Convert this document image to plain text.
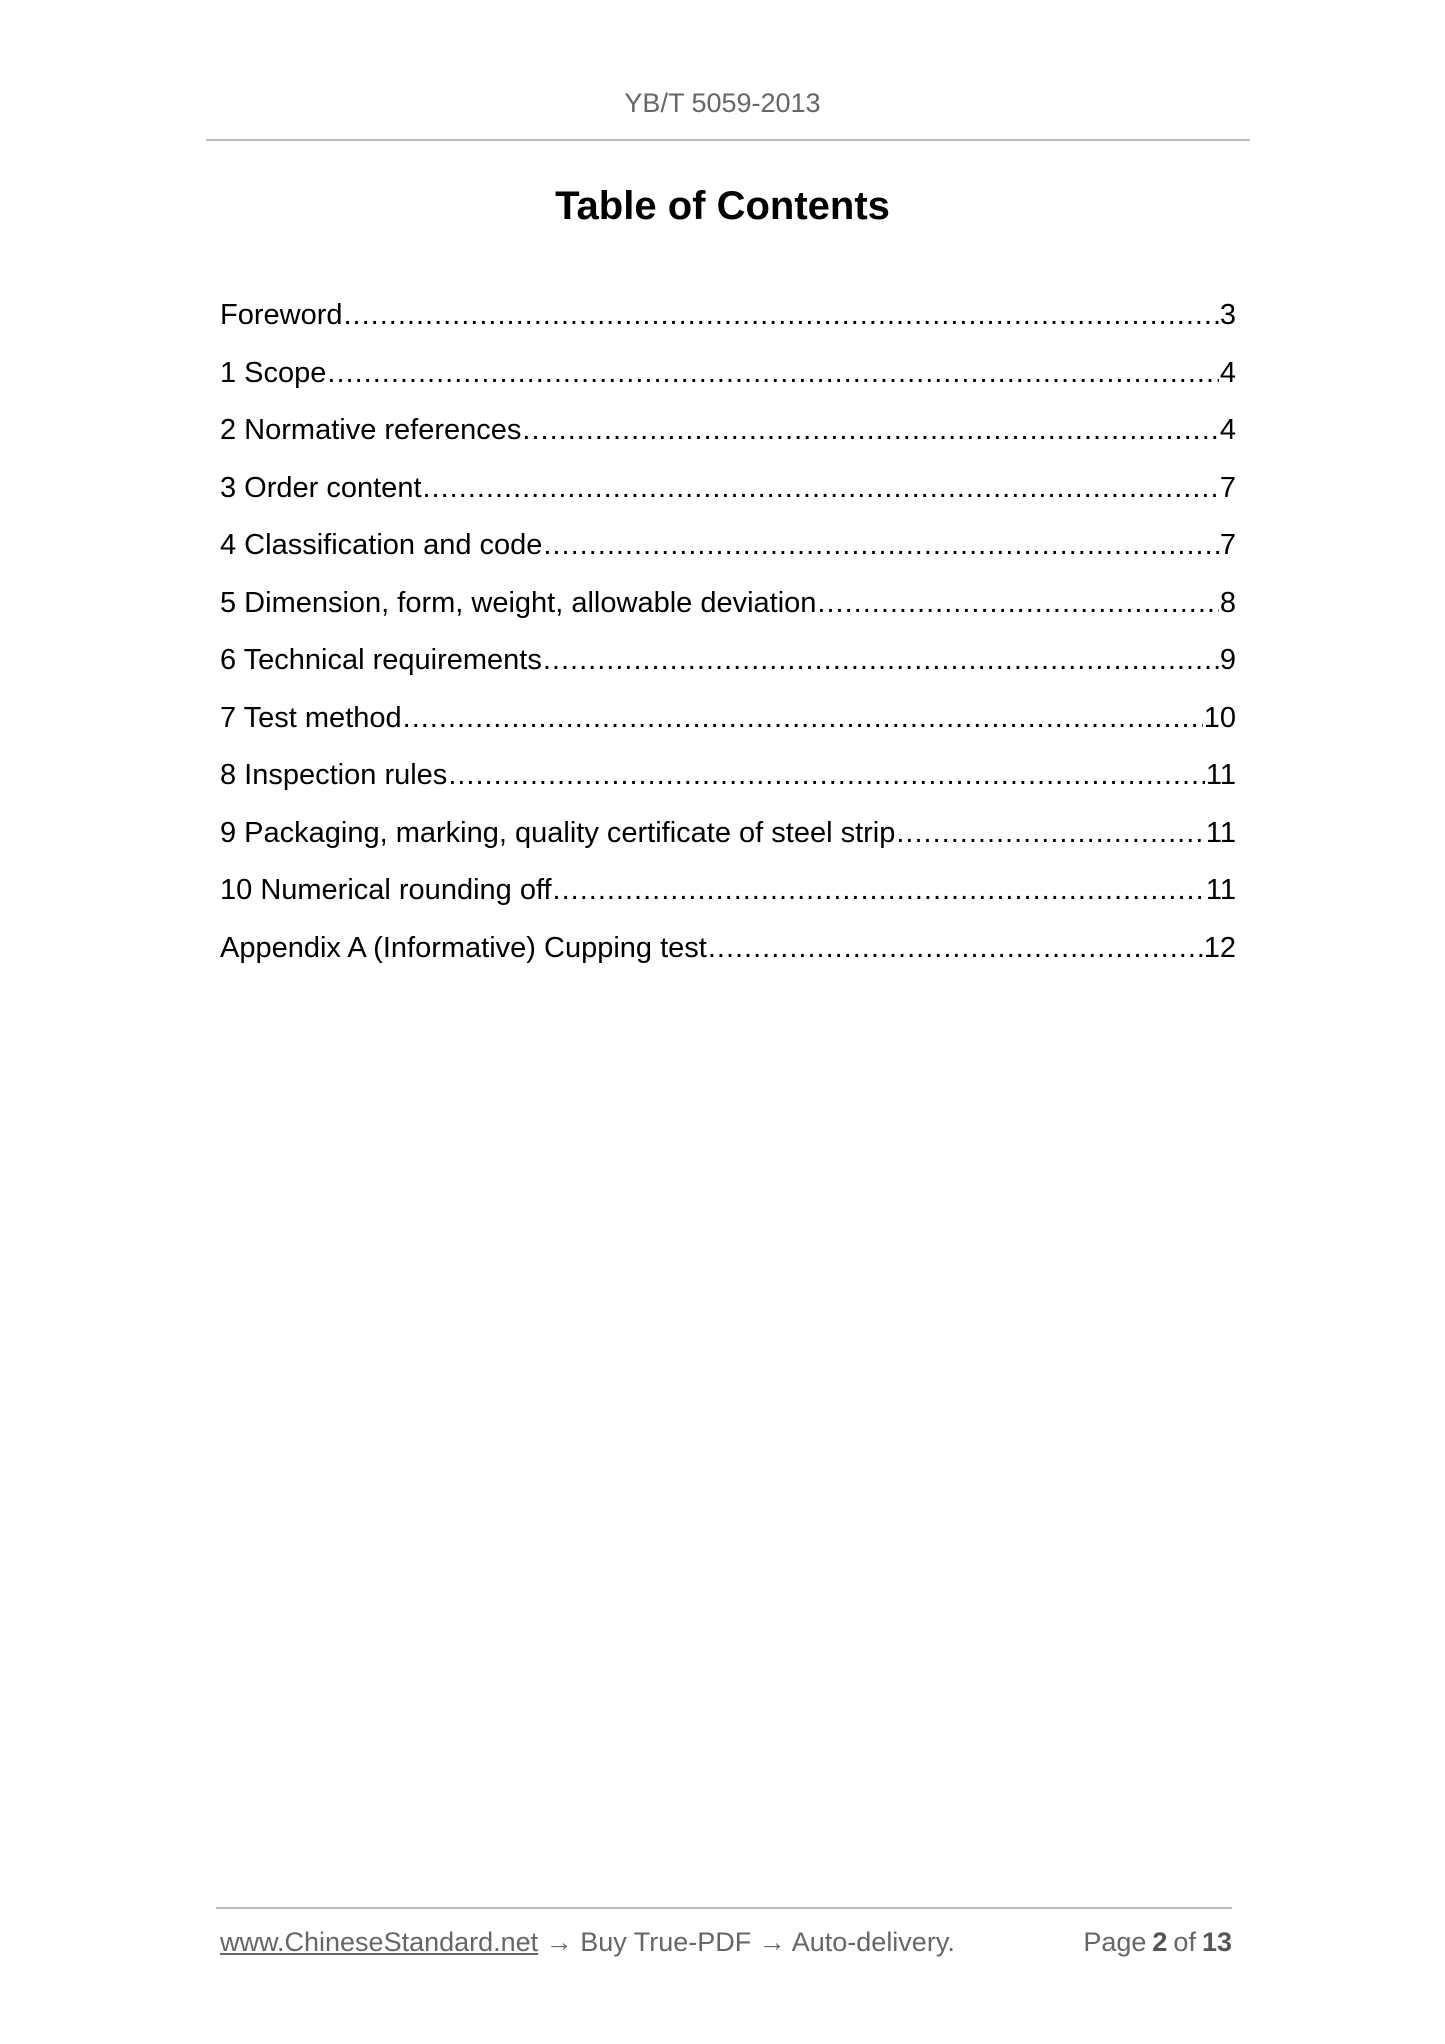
YB/T 5059-2013
Table of Contents
Foreword .....	3
1 Scope .....	4
2 Normative references .....	4
3 Order content .....	7
4 Classification and code .....	7
5 Dimension, form, weight, allowable deviation .....	8
6 Technical requirements .....	9
7 Test method .....	10
8 Inspection rules .....	11
9 Packaging, marking, quality certificate of steel strip .....	11
10 Numerical rounding off .....	11
Appendix A (Informative) Cupping test .....	12
www.ChineseStandard.net → Buy True-PDF → Auto-delivery.	Page 2 of 13
